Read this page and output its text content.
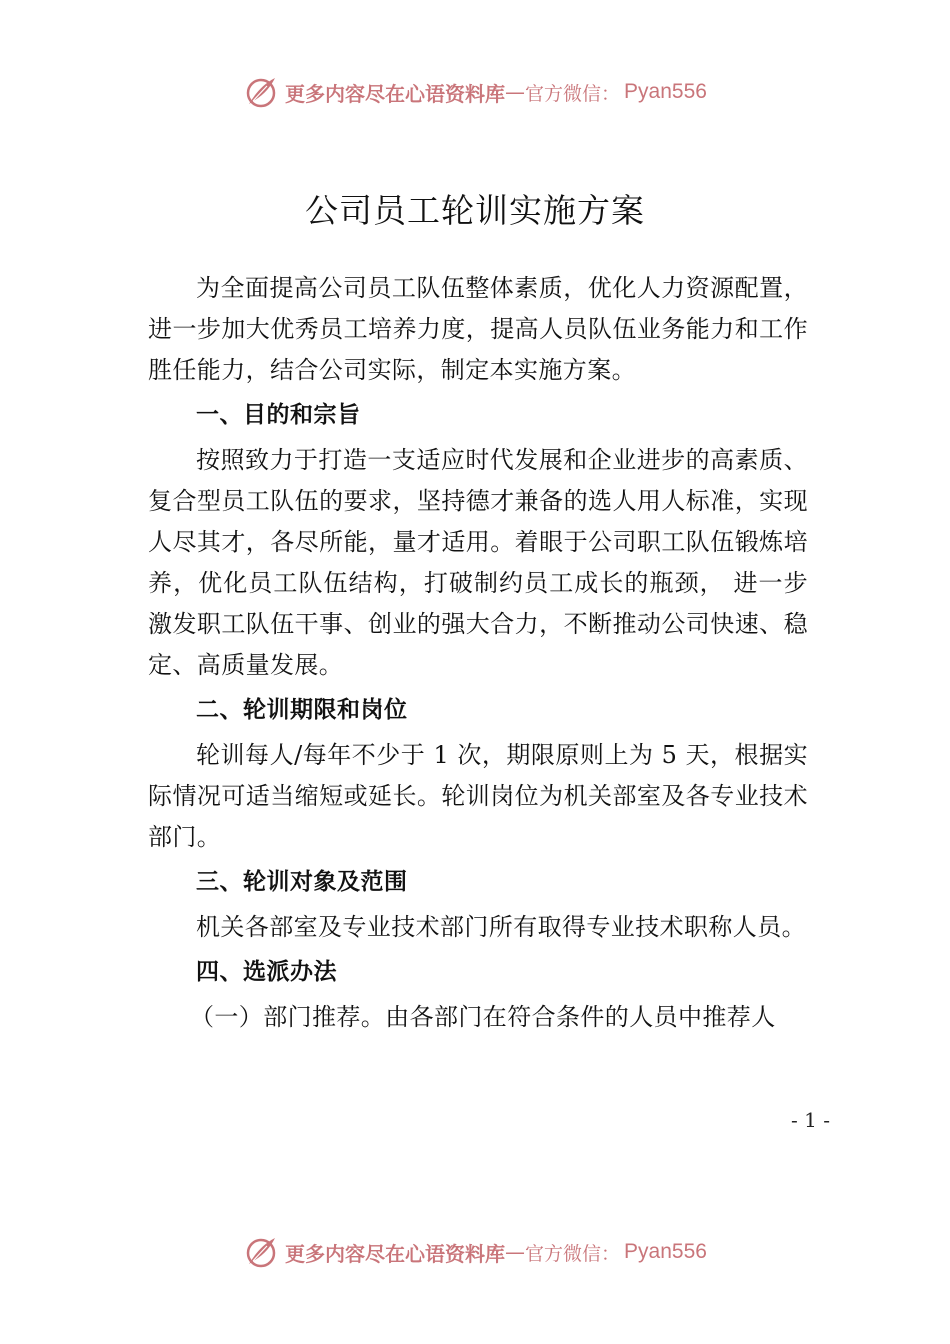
更多内容尽在心语资料库 — 官方微信： Pyan556
公司员工轮训实施方案

为全面提高公司员工队伍整体素质，优化人力资源配置，进一步加大优秀员工培养力度，提高人员队伍业务能力和工作胜任能力，结合公司实际，制定本实施方案。

一、目的和宗旨

按照致力于打造一支适应时代发展和企业进步的高素质、复合型员工队伍的要求，坚持德才兼备的选人用人标准，实现人尽其才，各尽所能，量才适用。着眼于公司职工队伍锻炼培养，优化员工队伍结构，打破制约员工成长的瓶颈， 进一步激发职工队伍干事、创业的强大合力，不断推动公司快速、稳定、高质量发展。

二、轮训期限和岗位

轮训每人/每年不少于 1 次，期限原则上为 5 天，根据实际情况可适当缩短或延长。轮训岗位为机关部室及各专业技术部门。

三、轮训对象及范围

机关各部室及专业技术部门所有取得专业技术职称人员。

四、选派办法

（一）部门推荐。由各部门在符合条件的人员中推荐人

- 1 -
更多内容尽在心语资料库 — 官方微信： Pyan556
